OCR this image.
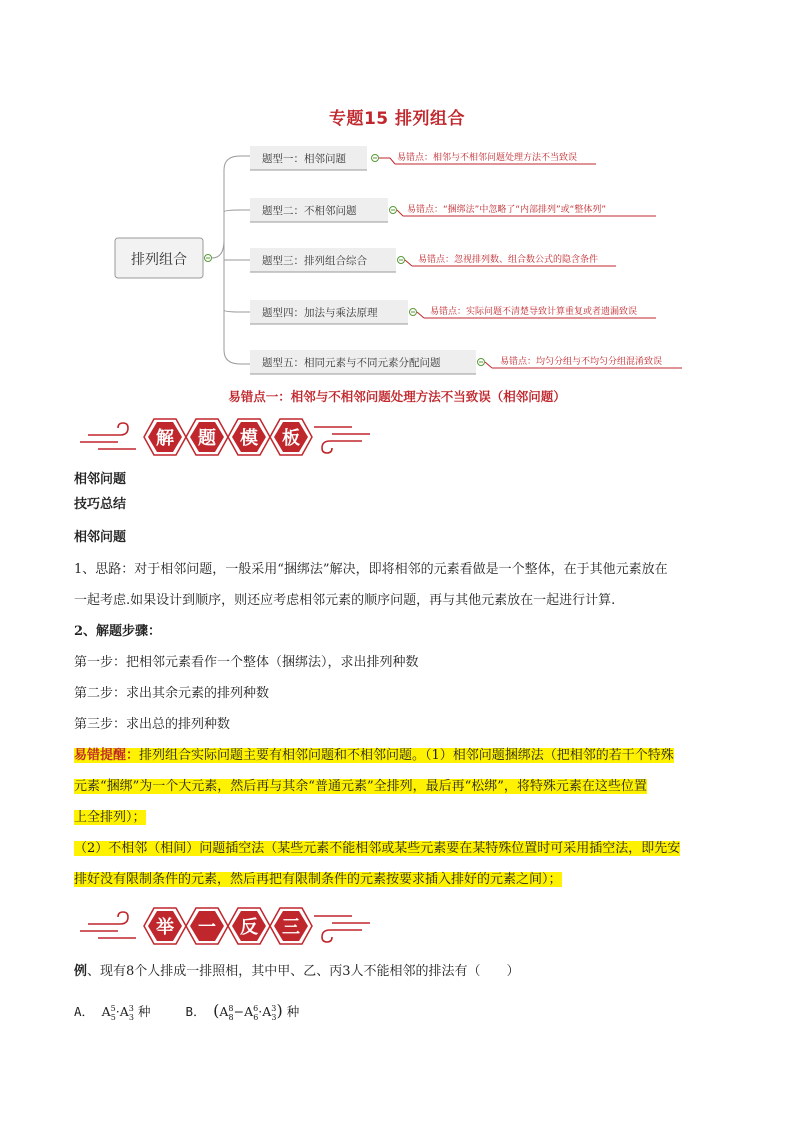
专题15 排列组合
排列组合
题型一：相邻问题	易错点：相邻与不相邻问题处理方法不当致误
题型二：不相邻问题	易错点：“捆绑法”中忽略了“内部排列”或“整体列”
题型三：排列组合综合	易错点：忽视排列数、组合数公式的隐含条件
题型四：加法与乘法原理	易错点：实际问题不清楚导致计算重复或者遗漏致误
题型五：相同元素与不同元素分配问题	易错点：均匀分组与不均匀分组混淆致误
易错点一：相邻与不相邻问题处理方法不当致误（相邻问题）
解 题 模 板
相邻问题
技巧总结
相邻问题
1、思路：对于相邻问题，一般采用“捆绑法”解决，即将相邻的元素看做是一个整体，在于其他元素放在
一起考虑.如果设计到顺序，则还应考虑相邻元素的顺序问题，再与其他元素放在一起进行计算.
2、解题步骤：
第一步：把相邻元素看作一个整体（捆绑法），求出排列种数
第二步：求出其余元素的排列种数
第三步：求出总的排列种数
易错提醒：排列组合实际问题主要有相邻问题和不相邻问题。（1）相邻问题捆绑法（把相邻的若干个特殊
元素“捆绑”为一个大元素，然后再与其余“普通元素”全排列，最后再“松绑”，将特殊元素在这些位置
上全排列）；
（2）不相邻（相间）问题插空法（某些元素不能相邻或某些元素要在某特殊位置时可采用插空法，即先安
排好没有限制条件的元素，然后再把有限制条件的元素按要求插入排好的元素之间）；
举 一 反 三
例、现有8个人排成一排照相，其中甲、乙、丙3人不能相邻的排法有（　　）
A． $A^5_5\cdot A^3_3$ 种	B． $(A^8_8-A^6_6\cdot A^3_3)$ 种
